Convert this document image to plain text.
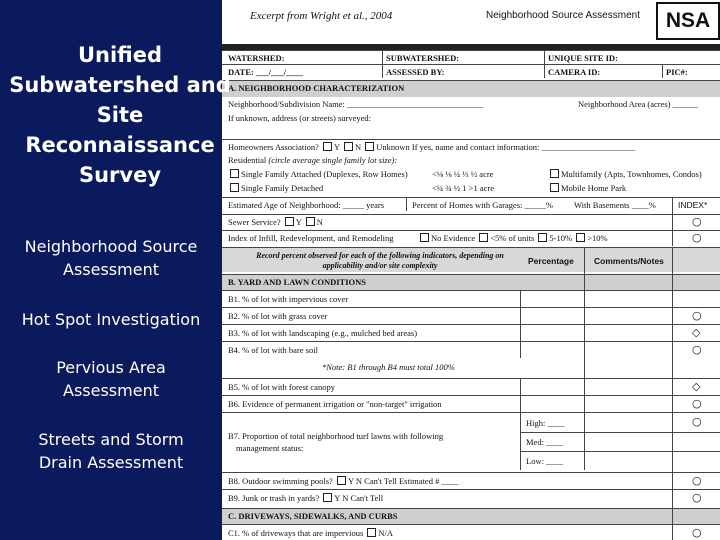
Unified
Subwatershed and
Site
Reconnaissance
Survey
Neighborhood Source
Assessment
Hot Spot Investigation
Pervious Area
Assessment
Streets and Storm
Drain Assessment
Excerpt from Wright et al., 2004	Neighborhood Source Assessment	NSA
WATERSHED:	SUBWATERSHED:	UNIQUE SITE ID:
DATE: ___/___/____	ASSESSED BY:	CAMERA ID:	PIC#:
A. NEIGHBORHOOD CHARACTERIZATION
Neighborhood/Subdivision Name: ________________________________	Neighborhood Area (acres) ______
If unknown, address (or streets) surveyed:
Homeowners Association? Y N Unknown If yes, name and contact information: ______________________
Residential (circle average single family lot size):
Single Family Attached (Duplexes, Row Homes)	<⅛ ⅛ ¼ ⅓ ½ acre	Multifamily (Apts, Townhomes, Condos)
Single Family Detached	<¼ ¾ ½ 1 >1 acre	Mobile Home Park
Estimated Age of Neighborhood: _____ years	Percent of Homes with Garages: _____% With Basements ____%	INDEX*
Sewer Service? Y N	○
Index of Infill, Redevelopment, and Remodeling	No Evidence <5% of units 5-10% >10%	○
Record percent observed for each of the following indicators, depending on applicability and/or site complexity	Percentage Comments/Notes
B. YARD AND LAWN CONDITIONS
B1. % of lot with impervious cover
B2. % of lot with grass cover	○
B3. % of lot with landscaping (e.g., mulched bed areas)	◇
B4. % of lot with bare soil	○
*Note: B1 through B4 must total 100%
B5. % of lot with forest canopy	◇
B6. Evidence of permanent irrigation or "non-target" irrigation	○
B7. Proportion of total neighborhood turf lawns with following
management status:
High: ____
Med: ____
Low: ____
○
B8. Outdoor swimming pools? Y N Can't Tell Estimated # ____	○
B9. Junk or trash in yards? Y N Can't Tell	○
C. DRIVEWAYS, SIDEWALKS, AND CURBS
C1. % of driveways that are impervious N/A	○
